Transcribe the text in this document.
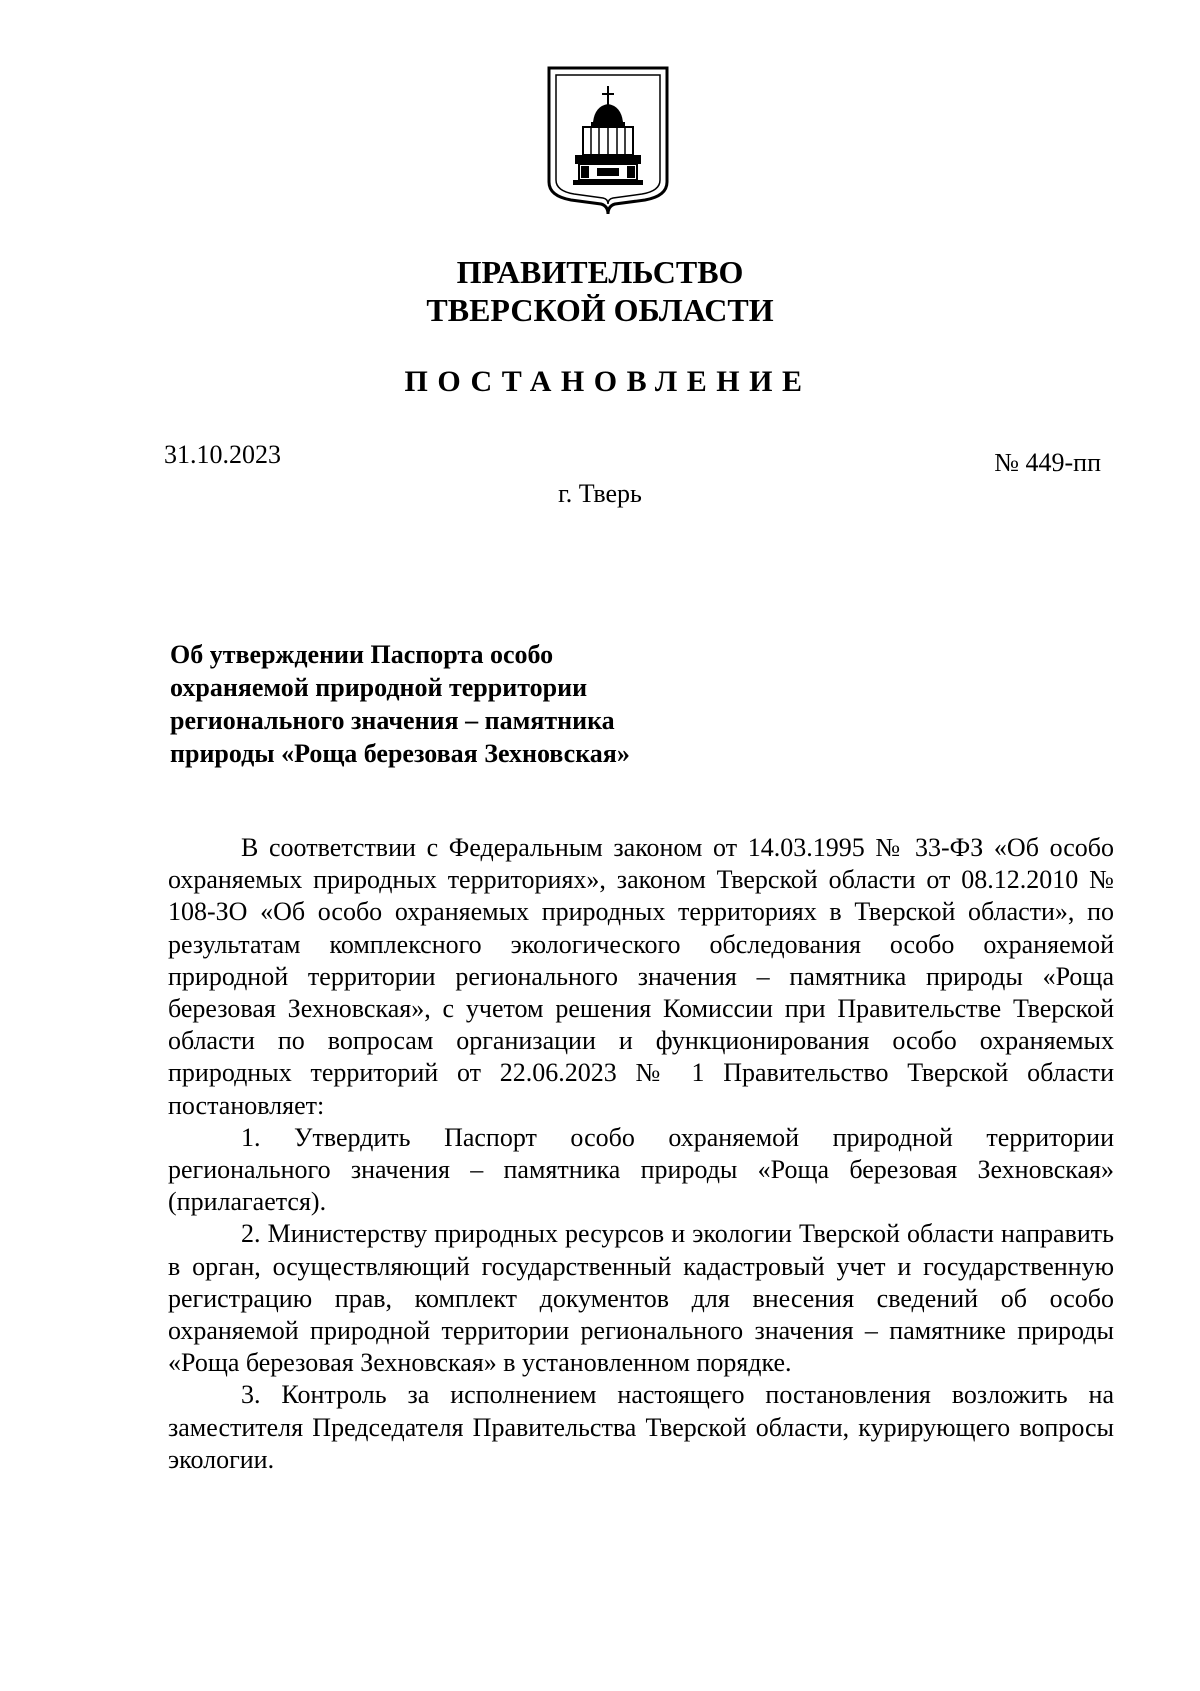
ПРАВИТЕЛЬСТВО
ТВЕРСКОЙ ОБЛАСТИ
ПОСТАНОВЛЕНИЕ
31.10.2023	№ 449-пп
г. Тверь
Об утверждении Паспорта особо
охраняемой природной территории
регионального значения – памятника
природы «Роща березовая Зехновская»

В соответствии с Федеральным законом от 14.03.1995 № 33-ФЗ «Об особо охраняемых природных территориях», законом Тверской области от 08.12.2010 № 108-ЗО «Об особо охраняемых природных территориях в Тверской области», по результатам комплексного экологического обследования особо охраняемой природной территории регионального значения – памятника природы «Роща березовая Зехновская», с учетом решения Комиссии при Правительстве Тверской области по вопросам организации и функционирования особо охраняемых природных территорий от 22.06.2023 № 1 Правительство Тверской области постановляет:

1. Утвердить Паспорт особо охраняемой природной территории регионального значения – памятника природы «Роща березовая Зехновская» (прилагается).

2. Министерству природных ресурсов и экологии Тверской области направить в орган, осуществляющий государственный кадастровый учет и государственную регистрацию прав, комплект документов для внесения сведений об особо охраняемой природной территории регионального значения – памятнике природы «Роща березовая Зехновская» в установленном порядке.

3. Контроль за исполнением настоящего постановления возложить на заместителя Председателя Правительства Тверской области, курирующего вопросы экологии.
